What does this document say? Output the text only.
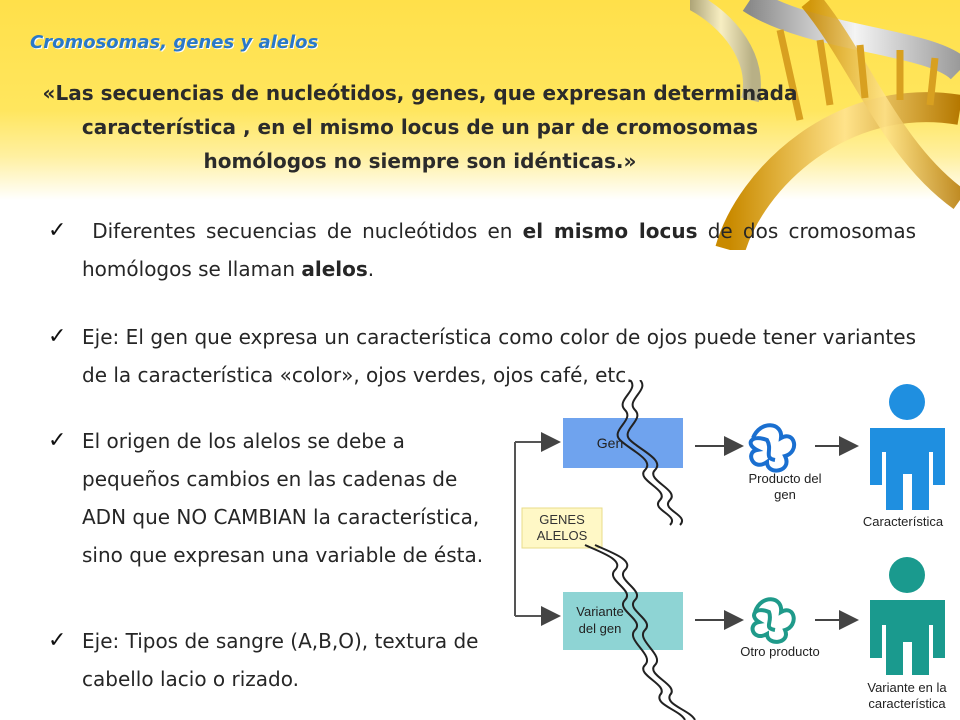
Cromosomas, genes y alelos
«Las secuencias de nucleótidos, genes, que expresan determinada característica , en el mismo locus de un par de cromosomas homólogos no siempre son idénticas.»
✓ Diferentes secuencias de nucleótidos en el mismo locus de dos cromosomas homólogos se llaman alelos.
✓ Eje: El gen que expresa un característica como color de ojos puede tener variantes de la característica «color», ojos verdes, ojos café, etc.
✓ El origen de los alelos se debe a pequeños cambios en las cadenas de ADN que NO CAMBIAN la característica, sino que expresan una variable de ésta.
✓ Eje: Tipos de sangre (A,B,O), textura de cabello lacio o rizado.
GENES
ALELOS
Gen
Variante
del gen
Producto del
gen
Otro producto
Característica
Variante en la
característica
